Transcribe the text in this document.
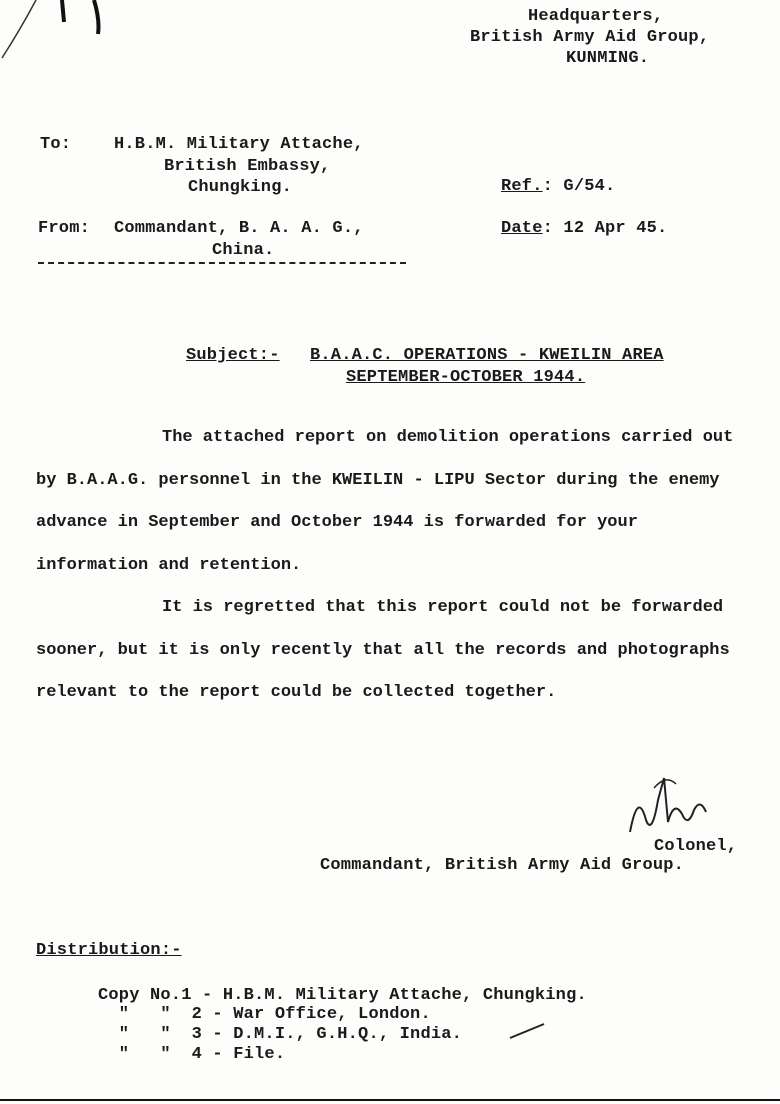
Headquarters,
British Army Aid Group,
KUNMING.
To:	H.B.M. Military Attache,
British Embassy,
Chungking.	Ref.: G/54.
Date: 12 Apr 45.
From: Commandant, B. A. A. G.,
China.
Subject:- B.A.A.C. OPERATIONS - KWEILIN AREA
SEPTEMBER-OCTOBER 1944.

The attached report on demolition operations carried out by B.A.A.G. personnel in the KWEILIN - LIPU Sector during the enemy advance in September and October 1944 is forwarded for your information and retention.

It is regretted that this report could not be forwarded sooner, but it is only recently that all the records and photographs relevant to the report could be collected together.

Colonel,
Commandant, British Army Aid Group.
Distribution:-
Copy No.1 - H.B.M. Military Attache, Chungking.
"   "  2 - War Office, London.
"   "  3 - D.M.I., G.H.Q., India.
"   "  4 - File.
